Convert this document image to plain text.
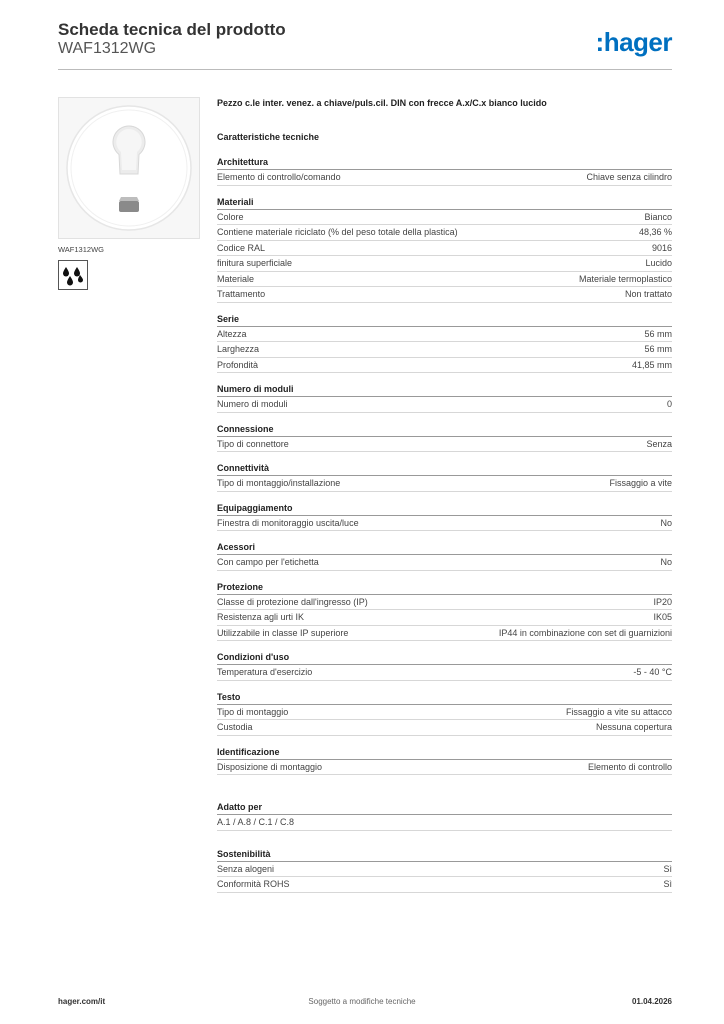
Scheda tecnica del prodotto
WAF1312WG	:hager
WAF1312WG
Pezzo c.le inter. venez. a chiave/puls.cil. DIN con frecce A.x/C.x bianco lucido
Caratteristiche tecniche
Architettura
Elemento di controllo/comando	Chiave senza cilindro
Materiali
Colore	Bianco
Contiene materiale riciclato (% del peso totale della plastica)	48,36 %
Codice RAL	9016
finitura superficiale	Lucido
Materiale	Materiale termoplastico
Trattamento	Non trattato
Serie
Altezza	56 mm
Larghezza	56 mm
Profondità	41,85 mm
Numero di moduli
Numero di moduli	0
Connessione
Tipo di connettore	Senza
Connettività
Tipo di montaggio/installazione	Fissaggio a vite
Equipaggiamento
Finestra di monitoraggio uscita/luce	No
Acessori
Con campo per l'etichetta	No
Protezione
Classe di protezione dall'ingresso (IP)	IP20
Resistenza agli urti IK	IK05
Utilizzabile in classe IP superiore	IP44 in combinazione con set di guarnizioni
Condizioni d'uso
Temperatura d'esercizio	-5 - 40 °C
Testo
Tipo di montaggio	Fissaggio a vite su attacco
Custodia	Nessuna copertura
Identificazione
Disposizione di montaggio	Elemento di controllo
Adatto per
A.1 / A.8 / C.1 / C.8
Sostenibilità
Senza alogeni	Sì
Conformità ROHS	Sì
hager.com/it	Soggetto a modifiche tecniche	01.04.2026
